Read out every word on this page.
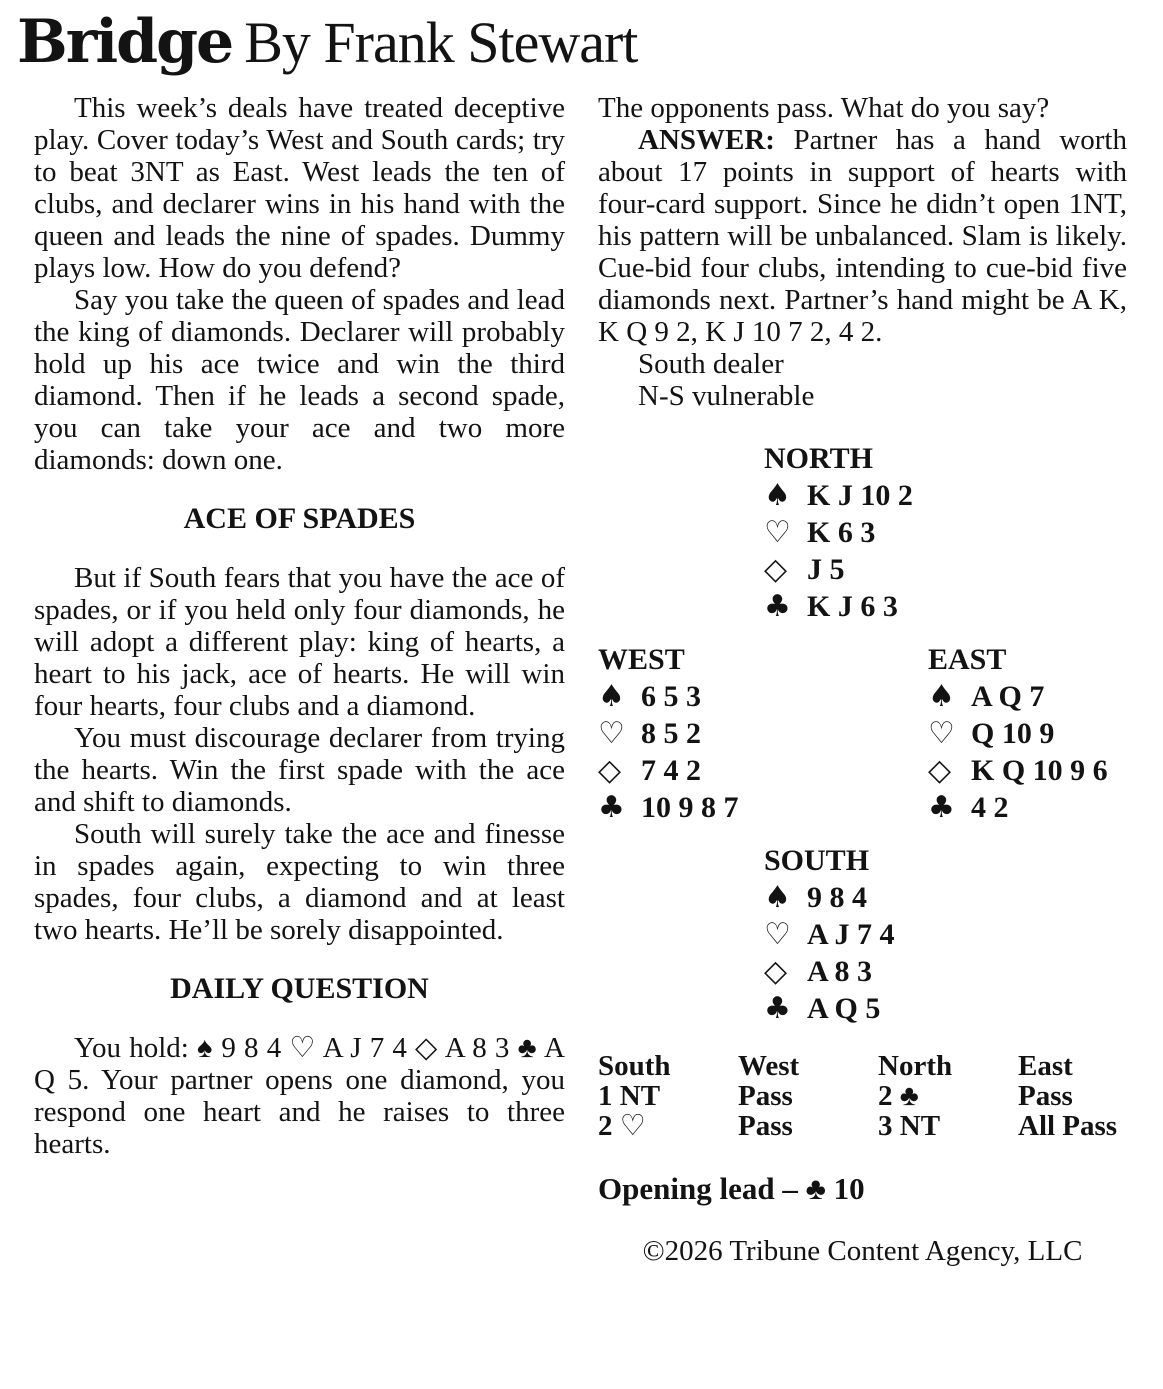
Bridge By Frank Stewart

This week’s deals have treated deceptive play. Cover today’s West and South cards; try to beat 3NT as East. West leads the ten of clubs, and declarer wins in his hand with the queen and leads the nine of spades. Dummy plays low. How do you defend?

Say you take the queen of spades and lead the king of diamonds. Declarer will probably hold up his ace twice and win the third diamond. Then if he leads a second spade, you can take your ace and two more diamonds: down one.

ACE OF SPADES

But if South fears that you have the ace of spades, or if you held only four diamonds, he will adopt a different play: king of hearts, a heart to his jack, ace of hearts. He will win four hearts, four clubs and a diamond.

You must discourage declarer from trying the hearts. Win the first spade with the ace and shift to diamonds.

South will surely take the ace and finesse in spades again, expecting to win three spades, four clubs, a diamond and at least two hearts. He’ll be sorely disappointed.

DAILY QUESTION

You hold: ♠ 9 8 4 ♡ A J 7 4 ◇ A 8 3 ♣ A Q 5. Your partner opens one diamond, you respond one heart and he raises to three hearts.

The opponents pass. What do you say?

ANSWER: Partner has a hand worth about 17 points in support of hearts with four-card support. Since he didn’t open 1NT, his pattern will be unbalanced. Slam is likely. Cue-bid four clubs, intending to cue-bid five diamonds next. Partner’s hand might be A K, K Q 9 2, K J 10 7 2, 4 2.

South dealer

N-S vulnerable

NORTH
♠ K J 10 2
♡ K 6 3
◇ J 5
♣ K J 6 3
WEST
♠ 6 5 3
♡ 8 5 2
◇ 7 4 2
♣ 10 9 8 7
EAST
♠ A Q 7
♡ Q 10 9
◇ K Q 10 9 6
♣ 4 2
SOUTH
♠ 9 8 4
♡ A J 7 4
◇ A 8 3
♣ A Q 5
South	West	North	East
1 NT	Pass	2 ♣	Pass
2 ♡	Pass	3 NT	All Pass

Opening lead – ♣ 10

©2026 Tribune Content Agency, LLC
